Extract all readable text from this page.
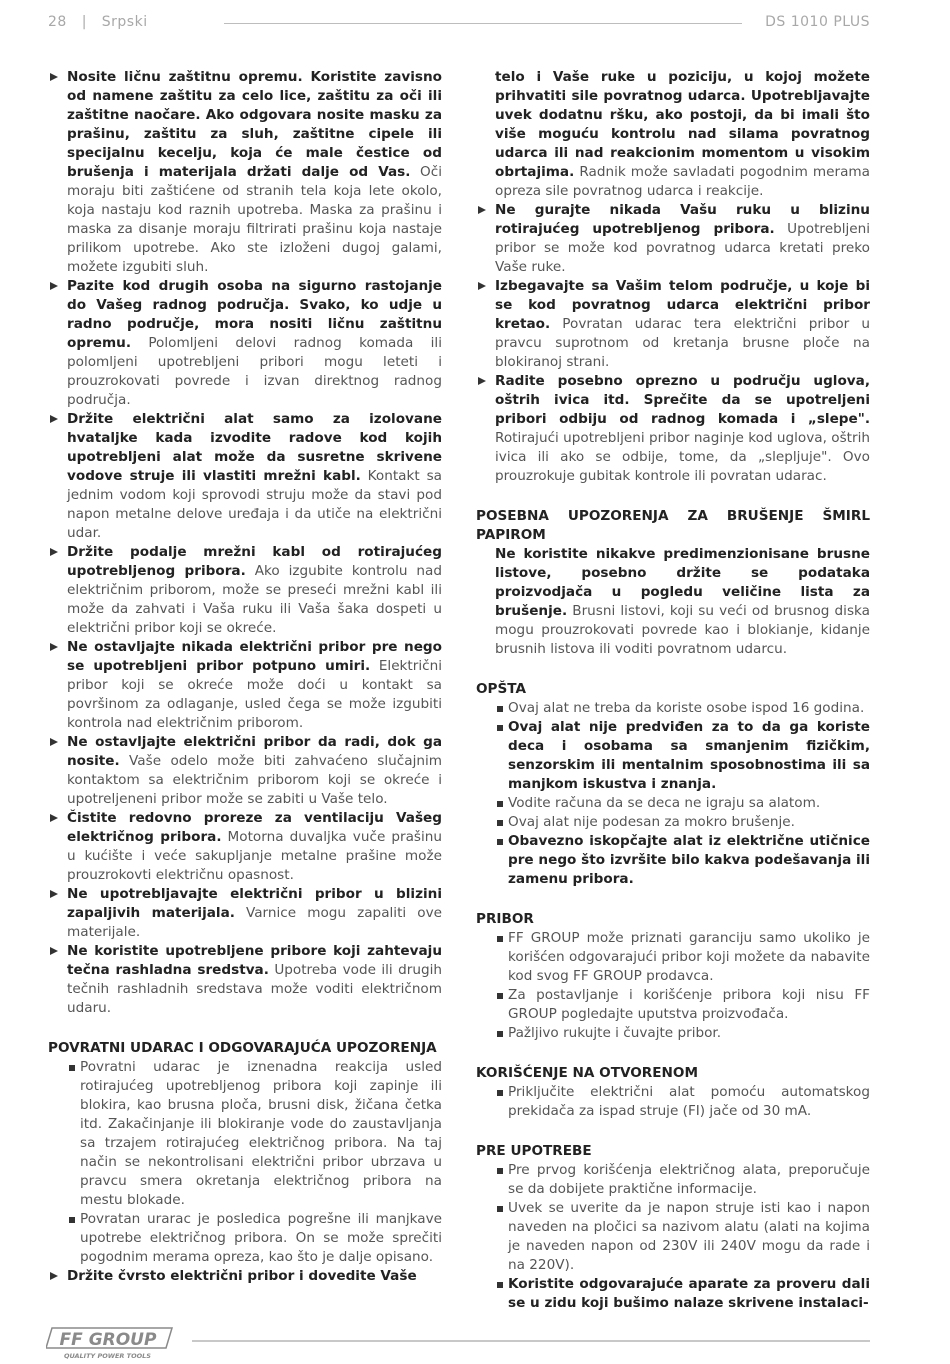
28 | Srpski	DS 1010 PLUS
Nosite ličnu zaštitnu opremu. Koristite zavisno od namene zaštitu za celo lice, zaštitu za oči ili zaštitne naočare. Ako odgovara nosite masku za prašinu, zaštitu za sluh, zaštitne cipele ili specijalnu kecelju, koja će male čestice od brušenja i materijala držati dalje od Vas. Oči moraju biti zaštićene od stranih tela koja lete okolo, koja nastaju kod raznih upotreba. Maska za prašinu i maska za disanje moraju filtrirati prašinu koja nastaje prilikom upotrebe. Ako ste izloženi dugoj galami, možete izgubiti sluh.
Pazite kod drugih osoba na sigurno rastojanje do Vašeg radnog područja. Svako, ko udje u radno područje, mora nositi ličnu zaštitnu opremu. Polomljeni delovi radnog komada ili polomljeni upotrebljeni pribori mogu leteti i prouzrokovati povrede i izvan direktnog radnog područja.
Držite električni alat samo za izolovane hvataljke kada izvodite radove kod kojih upotrebljeni alat može da susretne skrivene vodove struje ili vlastiti mrežni kabl. Kontakt sa jednim vodom koji sprovodi struju može da stavi pod napon metalne delove uređaja i da utiče na električni udar.
Držite podalje mrežni kabl od rotirajućeg upotrebljenog pribora. Ako izgubite kontrolu nad električnim priborom, može se preseći mrežni kabl ili može da zahvati i Vaša ruku ili Vaša šaka dospeti u električni pribor koji se okreće.
Ne ostavljajte nikada električni pribor pre nego se upotrebljeni pribor potpuno umiri. Električni pribor koji se okreće može doći u kontakt sa površinom za odlaganje, usled čega se može izgubiti kontrola nad električnim priborom.
Ne ostavljajte električni pribor da radi, dok ga nosite. Vaše odelo može biti zahvaćeno slučajnim kontaktom sa električnim priborom koji se okreće i upotreljeneni pribor može se zabiti u Vaše telo.
Čistite redovno proreze za ventilaciju Vašeg električnog pribora. Motorna duvaljka vuče prašinu u kućište i veće sakupljanje metalne prašine može prouzrokovti električnu opasnost.
Ne upotrebljavajte električni pribor u blizini zapaljivih materijala. Varnice mogu zapaliti ove materijale.
Ne koristite upotrebljene pribore koji zahtevaju tečna rashladna sredstva. Upotreba vode ili drugih tečnih rashladnih sredstava može voditi električnom udaru.
POVRATNI UDARAC I ODGOVARAJUĆA UPOZORENJA
Povratni udarac je iznenadna reakcija usled rotirajućeg upotrebljenog pribora koji zapinje ili blokira, kao brusna ploča, brusni disk, žičana četka itd. Zakačinjanje ili blokiranje vode do zaustavljanja sa trzajem rotirajućeg električnog pribora. Na taj način se nekontrolisani električni pribor ubrzava u pravcu smera okretanja električnog pribora na mestu blokade.
Povratan urarac je posledica pogrešne ili manjkave upotrebe električnog pribora. On se može sprečiti pogodnim merama opreza, kao što je dalje opisano.
Držite čvrsto električni pribor i dovedite Vaše
telo i Vaše ruke u poziciju, u kojoj možete prihvatiti sile povratnog udarca. Upotrebljavajte uvek dodatnu ršku, ako postoji, da bi imali što više moguću kontrolu nad silama povratnog udarca ili nad reakcionim momentom u visokim obrtajima. Radnik može savladati pogodnim merama opreza sile povratnog udarca i reakcije.
Ne gurajte nikada Vašu ruku u blizinu rotirajućeg upotrebljenog pribora. Upotrebljeni pribor se može kod povratnog udarca kretati preko Vaše ruke.
Izbegavajte sa Vašim telom područje, u koje bi se kod povratnog udarca električni pribor kretao. Povratan udarac tera električni pribor u pravcu suprotnom od kretanja brusne ploče na blokiranoj strani.
Radite posebno oprezno u području uglova, oštrih ivica itd. Sprečite da se upotreljeni pribori odbiju od radnog komada i „slepe". Rotirajući upotrebljeni pribor naginje kod uglova, oštrih ivica ili ako se odbije, tome, da „slepljuje". Ovo prouzrokuje gubitak kontrole ili povratan udarac.
POSEBNA UPOZORENJA ZA BRUŠENJE ŠMIRL PAPIROM
Ne koristite nikakve predimenzionisane brusne listove, posebno držite se podataka proizvodjača u pogledu veličine lista za brušenje. Brusni listovi, koji su veći od brusnog diska mogu prouzrokovati povrede kao i blokianje, kidanje brusnih listova ili voditi povratnom udarcu.
OPŠTA
Ovaj alat ne treba da koriste osobe ispod 16 godina.
Ovaj alat nije predviđen za to da ga koriste deca i osobama sa smanjenim fizičkim, senzorskim ili mentalnim sposobnostima ili sa manjkom iskustva i znanja.
Vodite računa da se deca ne igraju sa alatom.
Ovaj alat nije podesan za mokro brušenje.
Obavezno iskopčajte alat iz električne utičnice pre nego što izvršite bilo kakva podešavanja ili zamenu pribora.
PRIBOR
FF GROUP može priznati garanciju samo ukoliko je korišćen odgovarajući pribor koji možete da nabavite kod svog FF GROUP prodavca.
Za postavljanje i korišćenje pribora koji nisu FF GROUP pogledajte uputstva proizvođača.
Pažljivo rukujte i čuvajte pribor.
KORIŠĆENJE NA OTVORENOM
Priključite električni alat pomoću automatskog prekidača za ispad struje (FI) jače od 30 mA.
PRE UPOTREBE
Pre prvog korišćenja električnog alata, preporučuje se da dobijete praktične informacije.
Uvek se uverite da je napon struje isti kao i napon naveden na pločici sa nazivom alatu (alati na kojima je naveden napon od 230V ili 240V mogu da rade i na 220V).
Koristite odgovarajuće aparate za proveru dali se u zidu koji bušimo nalaze skrivene instalaci-
FF GROUP
QUALITY POWER TOOLS
